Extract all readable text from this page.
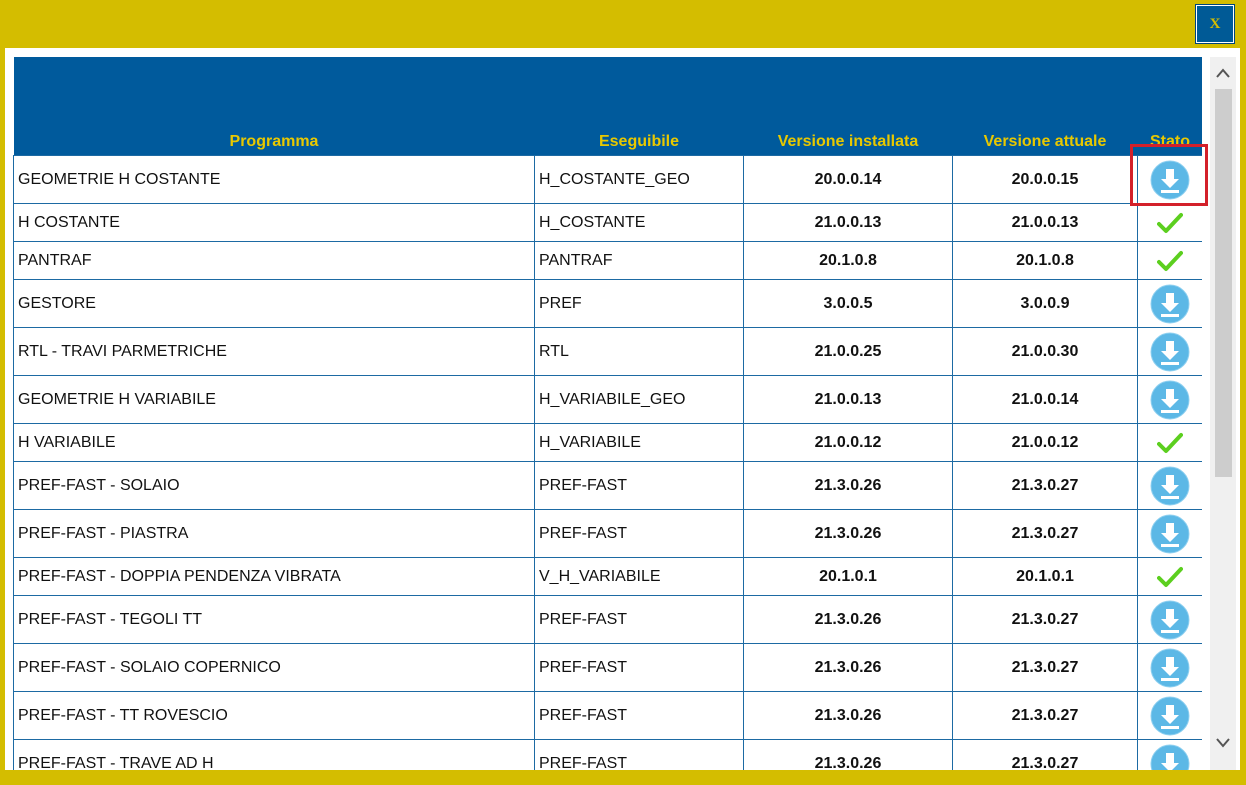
X
Programma	Eseguibile	Versione installata	Versione attuale	Stato
GEOMETRIE H COSTANTE	H_COSTANTE_GEO	20.0.0.14	20.0.0.15	
H COSTANTE	H_COSTANTE	21.0.0.13	21.0.0.13	
PANTRAF	PANTRAF	20.1.0.8	20.1.0.8	
GESTORE	PREF	3.0.0.5	3.0.0.9	
RTL - TRAVI PARMETRICHE	RTL	21.0.0.25	21.0.0.30	
GEOMETRIE H VARIABILE	H_VARIABILE_GEO	21.0.0.13	21.0.0.14	
H VARIABILE	H_VARIABILE	21.0.0.12	21.0.0.12	
PREF-FAST - SOLAIO	PREF-FAST	21.3.0.26	21.3.0.27	
PREF-FAST - PIASTRA	PREF-FAST	21.3.0.26	21.3.0.27	
PREF-FAST - DOPPIA PENDENZA VIBRATA	V_H_VARIABILE	20.1.0.1	20.1.0.1	
PREF-FAST - TEGOLI TT	PREF-FAST	21.3.0.26	21.3.0.27	
PREF-FAST - SOLAIO COPERNICO	PREF-FAST	21.3.0.26	21.3.0.27	
PREF-FAST - TT ROVESCIO	PREF-FAST	21.3.0.26	21.3.0.27	
PREF-FAST - TRAVE AD H	PREF-FAST	21.3.0.26	21.3.0.27	
